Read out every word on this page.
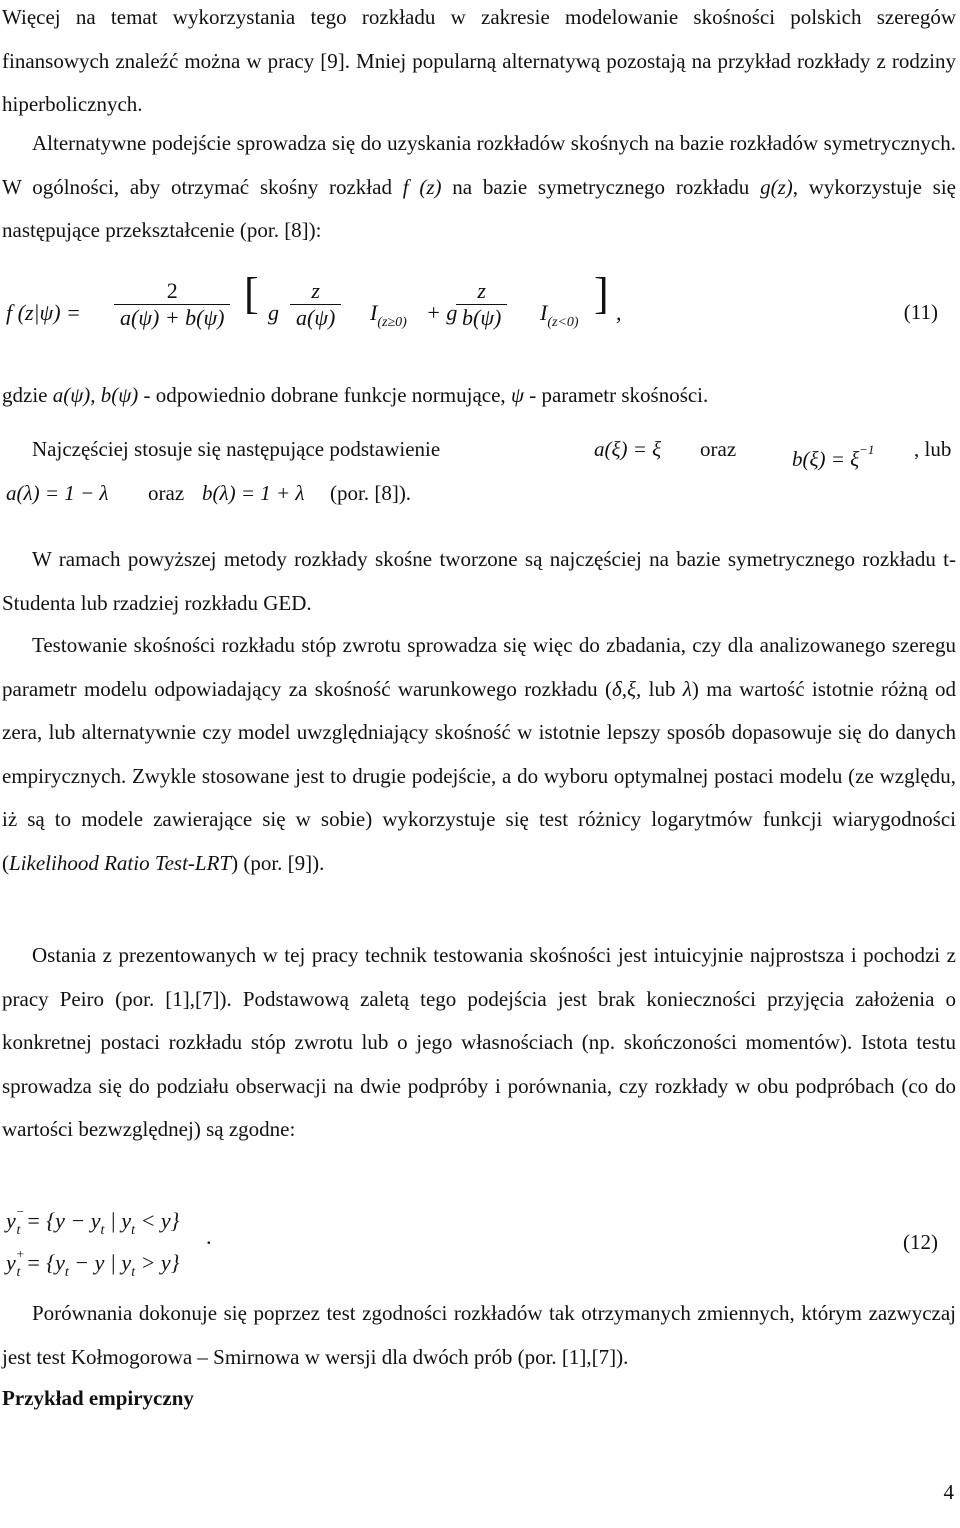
Więcej na temat wykorzystania tego rozkładu w zakresie modelowanie skośności polskich szeregów finansowych znaleźć można w pracy [9]. Mniej popularną alternatywą pozostają na przykład rozkłady z rodziny hiperbolicznych.

Alternatywne podejście sprowadza się do uzyskania rozkładów skośnych na bazie rozkładów symetrycznych. W ogólności, aby otrzymać skośny rozkład f (z) na bazie symetrycznego rozkładu g(z), wykorzystuje się następujące przekształcenie (por. [8]):

f $(z|\psi) = \frac{2}{a(\psi) + b(\psi)}$ [ g $\frac{z}{a(\psi)} I_{(z\ge 0)} + g$
$\frac{z}{b(\psi)} I_{(z<0)}$
] ,	(11)

gdzie a(ψ), b(ψ) - odpowiednio dobrane funkcje normujące, ψ - parametr skośności.

Najczęściej stosuje się następujące podstawienie	a(ξ) = ξ oraz	$b(\xi) = \xi^{-1}$ , lub
a(λ) = 1 − λ oraz b(λ) = 1 + λ (por. [8]).

W ramach powyższej metody rozkłady skośne tworzone są najczęściej na bazie symetrycznego rozkładu t-Studenta lub rzadziej rozkładu GED.

Testowanie skośności rozkładu stóp zwrotu sprowadza się więc do zbadania, czy dla analizowanego szeregu parametr modelu odpowiadający za skośność warunkowego rozkładu (δ,ξ, lub λ) ma wartość istotnie różną od zera, lub alternatywnie czy model uwzględniający skośność w istotnie lepszy sposób dopasowuje się do danych empirycznych. Zwykle stosowane jest to drugie podejście, a do wyboru optymalnej postaci modelu (ze względu, iż są to modele zawierające się w sobie) wykorzystuje się test różnicy logarytmów funkcji wiarygodności (Likelihood Ratio Test-LRT) (por. [9]).

Ostania z prezentowanych w tej pracy technik testowania skośności jest intuicyjnie najprostsza i pochodzi z pracy Peiro (por. [1],[7]). Podstawową zaletą tego podejścia jest brak konieczności przyjęcia założenia o konkretnej postaci rozkładu stóp zwrotu lub o jego własnościach (np. skończoności momentów). Istota testu sprowadza się do podziału obserwacji na dwie podpróby i porównania, czy rozkłady w obu podpróbach (co do wartości bezwzględnej) są zgodne:

$y^-_t = \{y - y_t$ | $y_t < y$}
$y^+_t = \{y_t - y$ | $y_t > y$}
.	(12)

Porównania dokonuje się poprzez test zgodności rozkładów tak otrzymanych zmiennych, którym zazwyczaj jest test Kołmogorowa – Smirnowa w wersji dla dwóch prób (por. [1],[7]).

Przykład empiryczny
4
